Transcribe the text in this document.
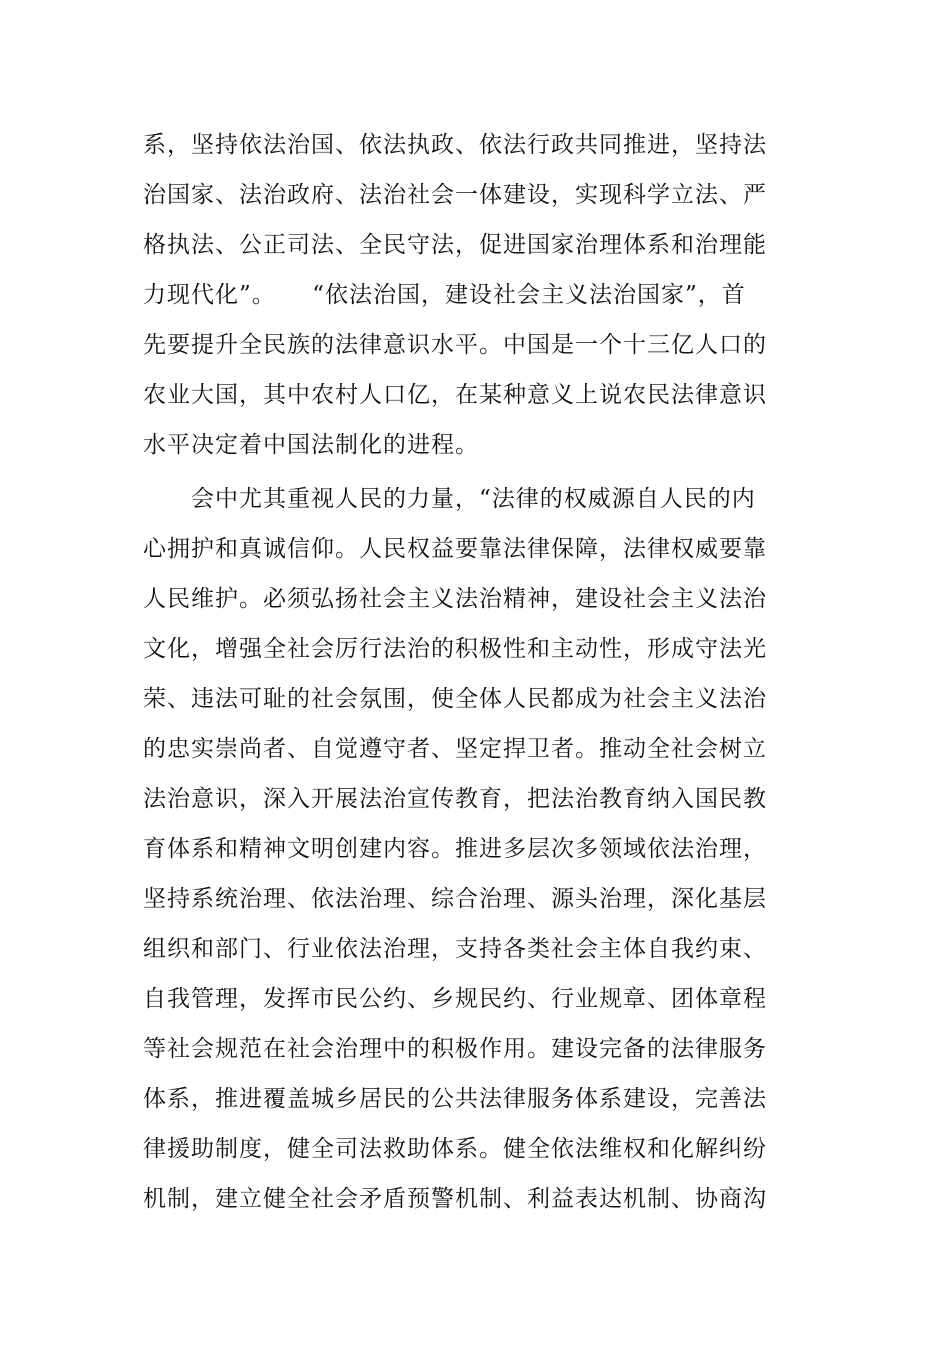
系，坚持依法治国、依法执政、依法行政共同推进，坚持法
治国家、法治政府、法治社会一体建设，实现科学立法、严
格执法、公正司法、全民守法，促进国家治理体系和治理能
力现代化”。　　“依法治国，建设社会主义法治国家”，首
先要提升全民族的法律意识水平。中国是一个十三亿人口的
农业大国，其中农村人口亿，在某种意义上说农民法律意识
水平决定着中国法制化的进程。
　　会中尤其重视人民的力量，“法律的权威源自人民的内
心拥护和真诚信仰。人民权益要靠法律保障，法律权威要靠
人民维护。必须弘扬社会主义法治精神，建设社会主义法治
文化，增强全社会厉行法治的积极性和主动性，形成守法光
荣、违法可耻的社会氛围，使全体人民都成为社会主义法治
的忠实崇尚者、自觉遵守者、坚定捍卫者。推动全社会树立
法治意识，深入开展法治宣传教育，把法治教育纳入国民教
育体系和精神文明创建内容。推进多层次多领域依法治理，
坚持系统治理、依法治理、综合治理、源头治理，深化基层
组织和部门、行业依法治理，支持各类社会主体自我约束、
自我管理，发挥市民公约、乡规民约、行业规章、团体章程
等社会规范在社会治理中的积极作用。建设完备的法律服务
体系，推进覆盖城乡居民的公共法律服务体系建设，完善法
律援助制度，健全司法救助体系。健全依法维权和化解纠纷
机制，建立健全社会矛盾预警机制、利益表达机制、协商沟
